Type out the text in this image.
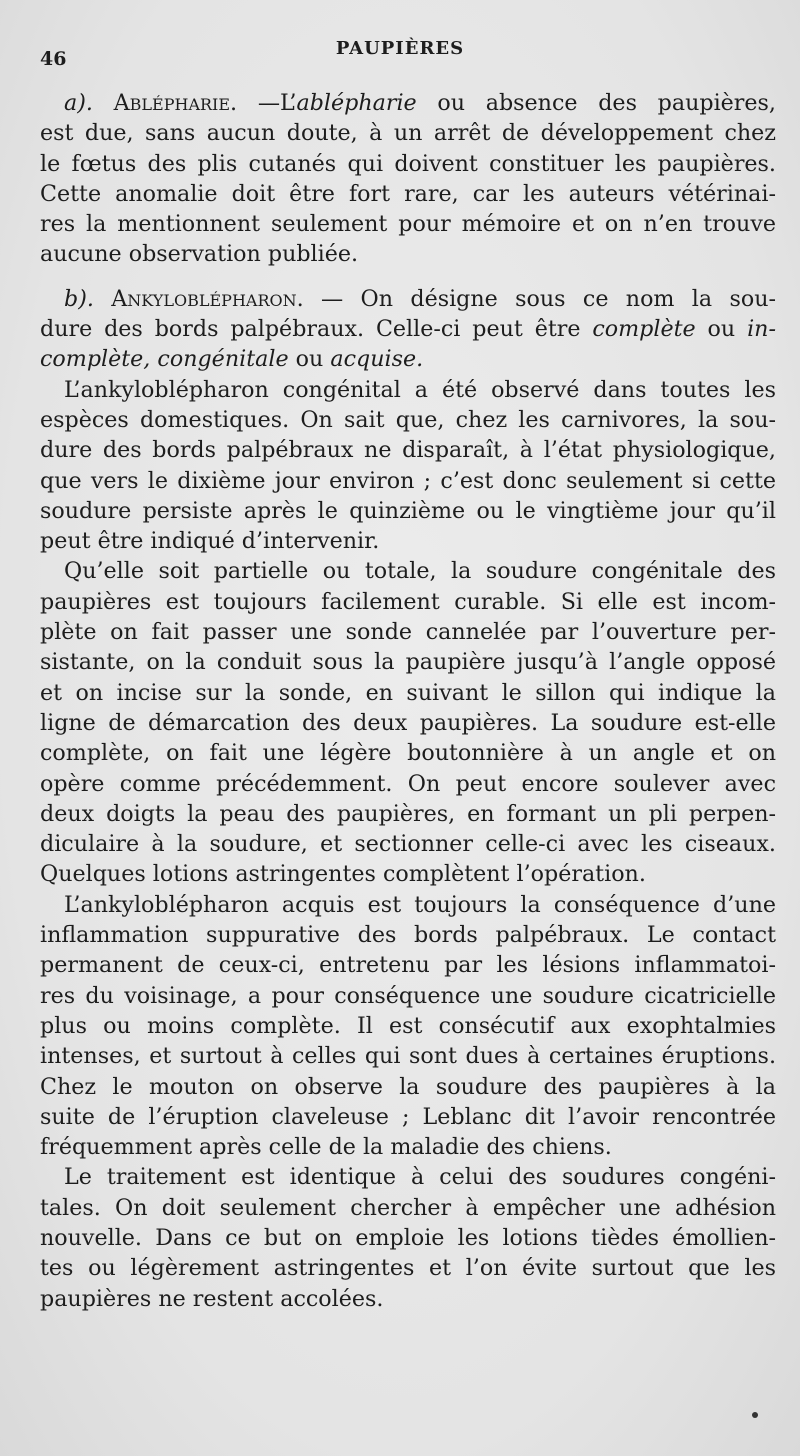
46	PAUPIÈRES
a). Ablépharie. —L’ablépharie ou absence des paupières,
est due, sans aucun doute, à un arrêt de développement chez
le fœtus des plis cutanés qui doivent constituer les paupières.
Cette anomalie doit être fort rare, car les auteurs vétérinai-
res la mentionnent seulement pour mémoire et on n’en trouve
aucune observation publiée.
b). Ankyloblépharon. — On désigne sous ce nom la sou-
dure des bords palpébraux. Celle-ci peut être complète ou in-
complète, congénitale ou acquise.
L’ankyloblépharon congénital a été observé dans toutes les
espèces domestiques. On sait que, chez les carnivores, la sou-
dure des bords palpébraux ne disparaît, à l’état physiologique,
que vers le dixième jour environ ; c’est donc seulement si cette
soudure persiste après le quinzième ou le vingtième jour qu’il
peut être indiqué d’intervenir.
Qu’elle soit partielle ou totale, la soudure congénitale des
paupières est toujours facilement curable. Si elle est incom-
plète on fait passer une sonde cannelée par l’ouverture per-
sistante, on la conduit sous la paupière jusqu’à l’angle opposé
et on incise sur la sonde, en suivant le sillon qui indique la
ligne de démarcation des deux paupières. La soudure est-elle
complète, on fait une légère boutonnière à un angle et on
opère comme précédemment. On peut encore soulever avec
deux doigts la peau des paupières, en formant un pli perpen-
diculaire à la soudure, et sectionner celle-ci avec les ciseaux.
Quelques lotions astringentes complètent l’opération.
L’ankyloblépharon acquis est toujours la conséquence d’une
inflammation suppurative des bords palpébraux. Le contact
permanent de ceux-ci, entretenu par les lésions inflammatoi-
res du voisinage, a pour conséquence une soudure cicatricielle
plus ou moins complète. Il est consécutif aux exophtalmies
intenses, et surtout à celles qui sont dues à certaines éruptions.
Chez le mouton on observe la soudure des paupières à la
suite de l’éruption claveleuse ; Leblanc dit l’avoir rencontrée
fréquemment après celle de la maladie des chiens.
Le traitement est identique à celui des soudures congéni-
tales. On doit seulement chercher à empêcher une adhésion
nouvelle. Dans ce but on emploie les lotions tièdes émollien-
tes ou légèrement astringentes et l’on évite surtout que les
paupières ne restent accolées.
